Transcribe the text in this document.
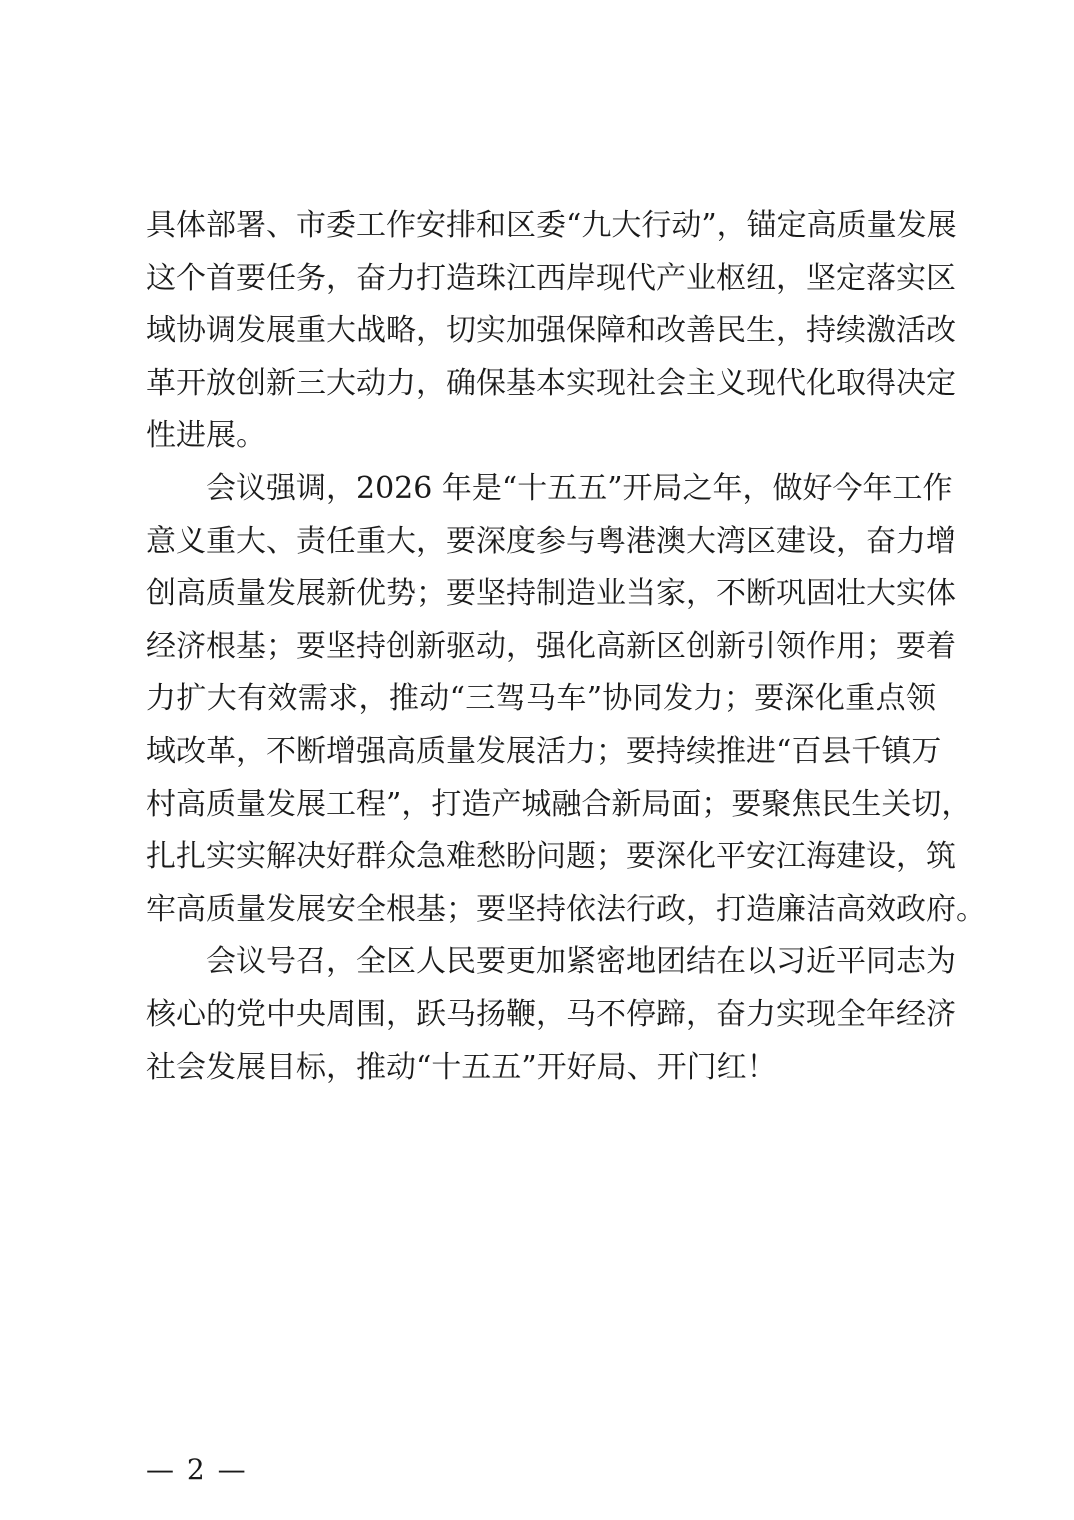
具体部署、市委工作安排和区委“九大行动”，锚定高质量发展
这个首要任务，奋力打造珠江西岸现代产业枢纽，坚定落实区
域协调发展重大战略，切实加强保障和改善民生，持续激活改
革开放创新三大动力，确保基本实现社会主义现代化取得决定
性进展。
会议强调，2026 年是“十五五”开局之年，做好今年工作
意义重大、责任重大，要深度参与粤港澳大湾区建设，奋力增
创高质量发展新优势；要坚持制造业当家，不断巩固壮大实体
经济根基；要坚持创新驱动，强化高新区创新引领作用；要着
力扩大有效需求，推动“三驾马车”协同发力；要深化重点领
域改革，不断增强高质量发展活力；要持续推进“百县千镇万
村高质量发展工程”，打造产城融合新局面；要聚焦民生关切，
扎扎实实解决好群众急难愁盼问题；要深化平安江海建设，筑
牢高质量发展安全根基；要坚持依法行政，打造廉洁高效政府。
会议号召，全区人民要更加紧密地团结在以习近平同志为
核心的党中央周围，跃马扬鞭，马不停蹄，奋力实现全年经济
社会发展目标，推动“十五五”开好局、开门红！
— 2 —
